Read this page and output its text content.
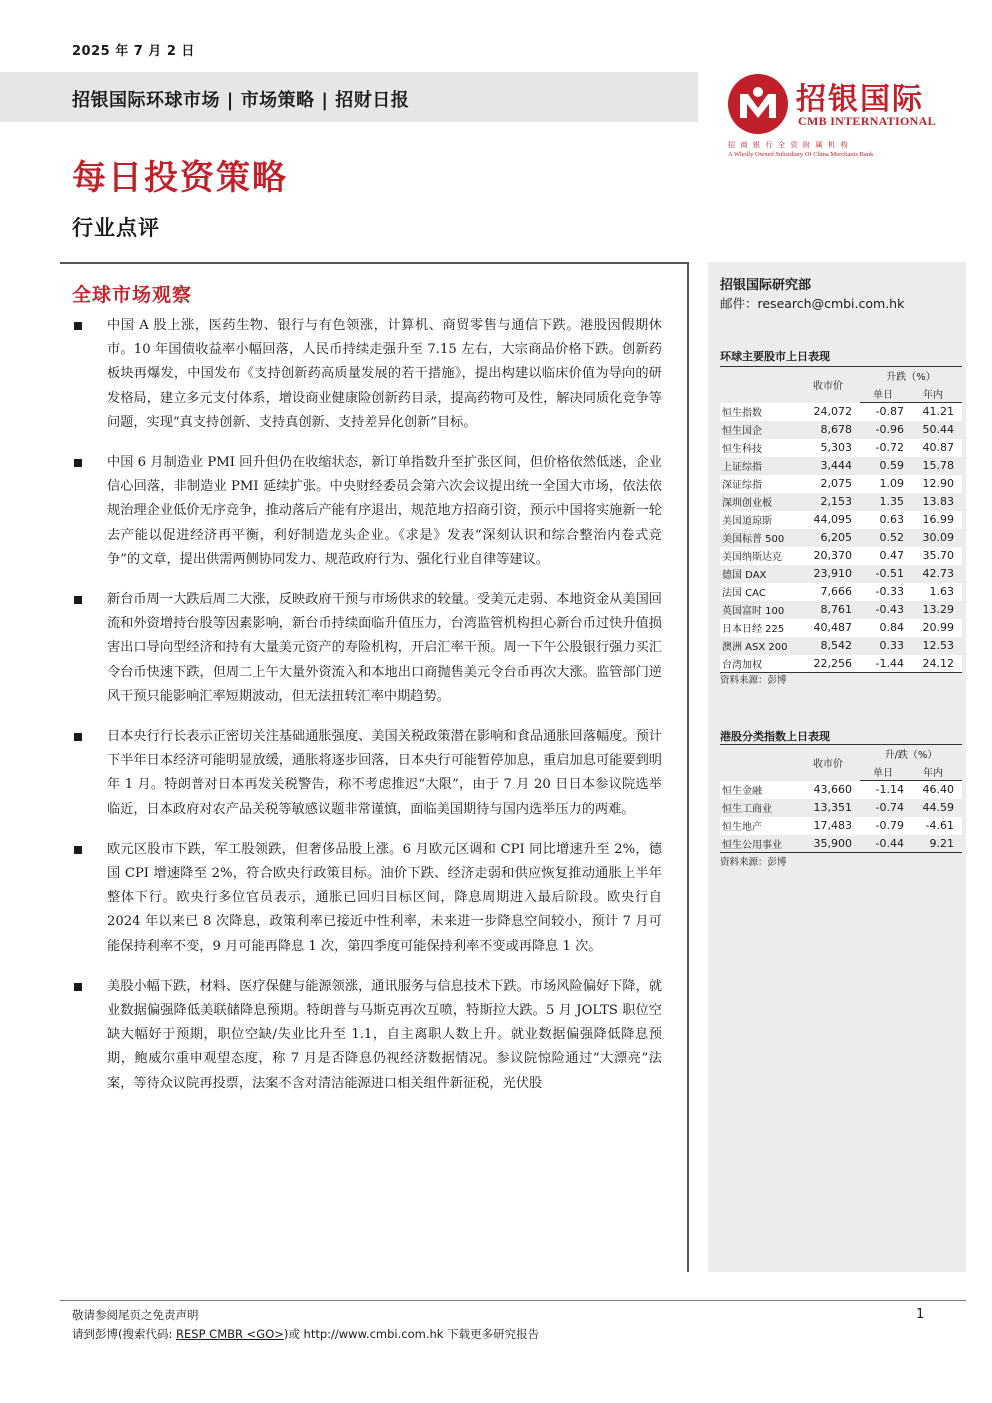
2025 年 7 月 2 日
招银国际环球市场 | 市场策略 | 招财日报	招银国际
CMB INTERNATIONAL
招商银行全资附属机构
A Wholly Owned Subsidiary Of China Merchants Bank
每日投资策略
行业点评
全球市场观察
中国 A 股上涨，医药生物、银行与有色领涨，计算机、商贸零售与通信下跌。港股因假期休市。10 年国债收益率小幅回落，人民币持续走强升至 7.15 左右，大宗商品价格下跌。创新药板块再爆发，中国发布《支持创新药高质量发展的若干措施》，提出构建以临床价值为导向的研发格局，建立多元支付体系，增设商业健康险创新药目录，提高药物可及性，解决同质化竞争等问题，实现“真支持创新、支持真创新、支持差异化创新”目标。
中国 6 月制造业 PMI 回升但仍在收缩状态，新订单指数升至扩张区间，但价格依然低迷，企业信心回落，非制造业 PMI 延续扩张。中央财经委员会第六次会议提出统一全国大市场，依法依规治理企业低价无序竞争，推动落后产能有序退出，规范地方招商引资，预示中国将实施新一轮去产能以促进经济再平衡，利好制造龙头企业。《求是》发表“深刻认识和综合整治内卷式竞争”的文章，提出供需两侧协同发力、规范政府行为、强化行业自律等建议。
新台币周一大跌后周二大涨，反映政府干预与市场供求的较量。受美元走弱、本地资金从美国回流和外资增持台股等因素影响，新台币持续面临升值压力，台湾监管机构担心新台币过快升值损害出口导向型经济和持有大量美元资产的寿险机构，开启汇率干预。周一下午公股银行强力买汇令台币快速下跌，但周二上午大量外资流入和本地出口商抛售美元令台币再次大涨。监管部门逆风干预只能影响汇率短期波动，但无法扭转汇率中期趋势。
日本央行行长表示正密切关注基础通胀强度、美国关税政策潜在影响和食品通胀回落幅度。预计下半年日本经济可能明显放缓，通胀将逐步回落，日本央行可能暂停加息，重启加息可能要到明年 1 月。特朗普对日本再发关税警告，称不考虑推迟“大限”，由于 7 月 20 日日本参议院选举临近，日本政府对农产品关税等敏感议题非常谨慎，面临美国期待与国内选举压力的两难。
欧元区股市下跌，军工股领跌，但奢侈品股上涨。6 月欧元区调和 CPI 同比增速升至 2%，德国 CPI 增速降至 2%，符合欧央行政策目标。油价下跌、经济走弱和供应恢复推动通胀上半年整体下行。欧央行多位官员表示，通胀已回归目标区间，降息周期进入最后阶段。欧央行自 2024 年以来已 8 次降息，政策利率已接近中性利率，未来进一步降息空间较小，预计 7 月可能保持利率不变，9 月可能再降息 1 次，第四季度可能保持利率不变或再降息 1 次。
美股小幅下跌，材料、医疗保健与能源领涨，通讯服务与信息技术下跌。市场风险偏好下降，就业数据偏强降低美联储降息预期。特朗普与马斯克再次互喷，特斯拉大跌。5 月 JOLTS 职位空缺大幅好于预期，职位空缺/失业比升至 1.1，自主离职人数上升。就业数据偏强降低降息预期，鲍威尔重申观望态度，称 7 月是否降息仍视经济数据情况。参议院惊险通过“大漂亮”法案，等待众议院再投票，法案不含对清洁能源进口相关组件新征税，光伏股
招银国际研究部
邮件：research@cmbi.com.hk
环球主要股市上日表现
	收市价	升跌（%）	
		单日	年内
恒生指数	24,072	-0.87	41.21
恒生国企	8,678	-0.96	50.44
恒生科技	5,303	-0.72	40.87
上证综指	3,444	0.59	15.78
深证综指	2,075	1.09	12.90
深圳创业板	2,153	1.35	13.83
美国道琼斯	44,095	0.63	16.99
美国标普 500	6,205	0.52	30.09
美国纳斯达克	20,370	0.47	35.70
德国 DAX	23,910	-0.51	42.73
法国 CAC	7,666	-0.33	1.63
英国富时 100	8,761	-0.43	13.29
日本日经 225	40,487	0.84	20.99
澳洲 ASX 200	8,542	0.33	12.53
台湾加权	22,256	-1.44	24.12
资料来源：彭博
港股分类指数上日表现
	收市价	升/跌（%）	
		单日	年内
恒生金融	43,660	-1.14	46.40
恒生工商业	13,351	-0.74	44.59
恒生地产	17,483	-0.79	-4.61
恒生公用事业	35,900	-0.44	9.21
资料来源：彭博
敬请参阅尾页之免责声明	1
请到彭博(搜索代码: RESP CMBR <GO>)或 http://www.cmbi.com.hk 下载更多研究报告
